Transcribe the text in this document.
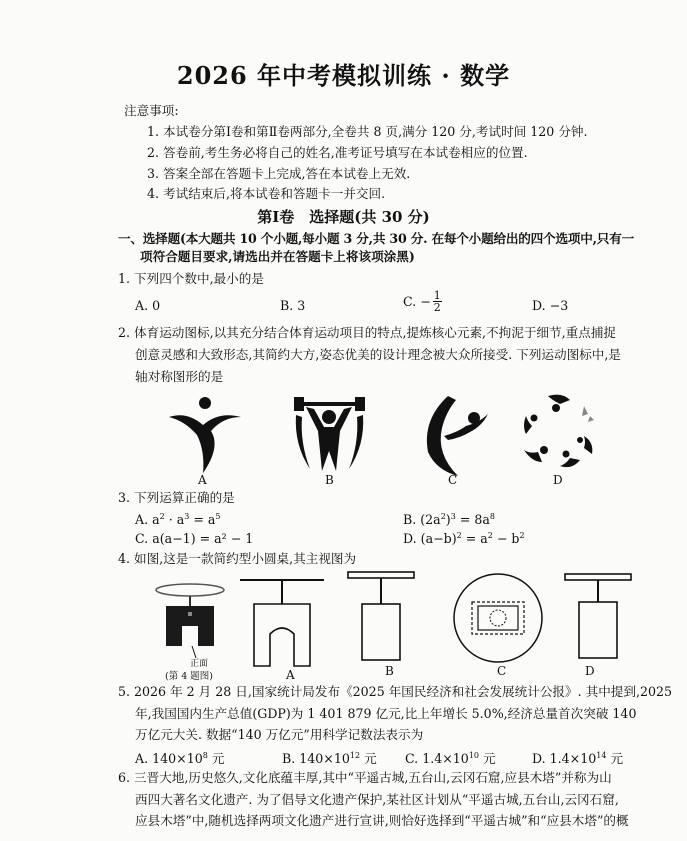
2026 年中考模拟训练 · 数学
注意事项:
1. 本试卷分第Ⅰ卷和第Ⅱ卷两部分,全卷共 8 页,满分 120 分,考试时间 120 分钟.
2. 答卷前,考生务必将自己的姓名,准考证号填写在本试卷相应的位置.
3. 答案全部在答题卡上完成,答在本试卷上无效.
4. 考试结束后,将本试卷和答题卡一并交回.
第Ⅰ卷　选择题(共 30 分)
一、选择题(本大题共 10 个小题,每小题 3 分,共 30 分. 在每个小题给出的四个选项中,只有一
项符合题目要求,请选出并在答题卡上将该项涂黑)
1. 下列四个数中,最小的是
A. 0	B. 3	C. − $\frac{1}{2}$	D. −3
2. 体育运动图标,以其充分结合体育运动项目的特点,提炼核心元素,不拘泥于细节,重点捕捉
创意灵感和大致形态,其简约大方,姿态优美的设计理念被大众所接受. 下列运动图标中,是
轴对称图形的是
A	B	C	D
3. 下列运算正确的是
A. $a^2 \cdot a^3 = a^5$	B. $(2a^2)^3 = 8a^8$
C. a(a−1) = a² − 1	D. $(a-b)^2 = a^2 - b^2$
4. 如图,这是一款简约型小圆桌,其主视图为
正面
(第 4 题图)	A	B	C	D
5. 2026 年 2 月 28 日,国家统计局发布《2025 年国民经济和社会发展统计公报》. 其中提到,2025
年,我国国内生产总值(GDP)为 1 401 879 亿元,比上年增长 5.0%,经济总量首次突破 140
万亿元大关. 数据“140 万亿元”用科学记数法表示为
A. $140\times 10^8$ 元	B. $140\times 10^{12}$ 元 C. $1.4\times 10^{10}$ 元	D. $1.4\times 10^{14}$ 元
6. 三晋大地,历史悠久,文化底蕴丰厚,其中“平遥古城,五台山,云冈石窟,应县木塔”并称为山
西四大著名文化遗产. 为了倡导文化遗产保护,某社区计划从“平遥古城,五台山,云冈石窟,
应县木塔”中,随机选择两项文化遗产进行宣讲,则恰好选择到“平遥古城”和“应县木塔”的概
